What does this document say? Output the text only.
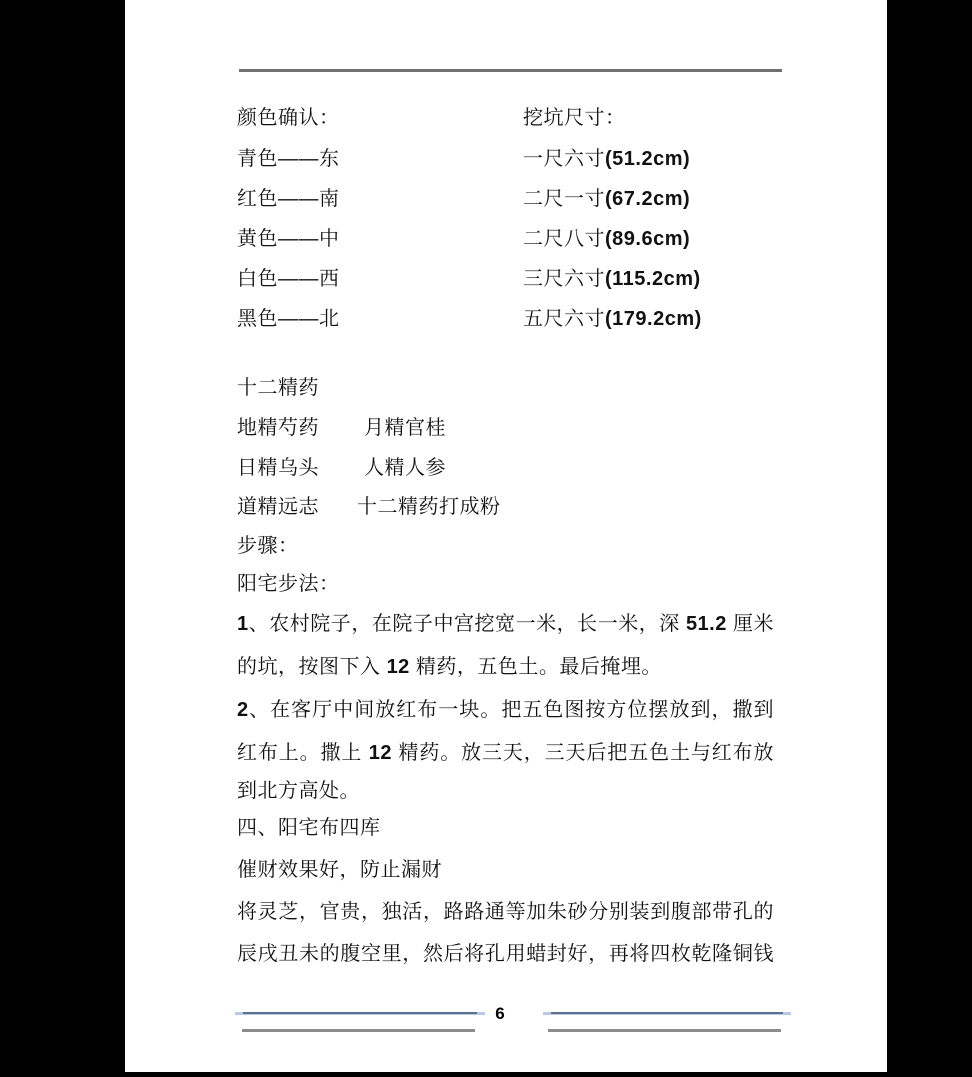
颜色确认：	挖坑尺寸：
青色——东	一尺六寸(51.2cm)
红色——南	二尺一寸(67.2cm)
黄色——中	二尺八寸(89.6cm)
白色——西	三尺六寸(115.2cm)
黑色——北	五尺六寸(179.2cm)
十二精药
地精芍药 月精官桂
日精乌头 人精人参
道精远志 十二精药打成粉
步骤：
阳宅步法：
1、农村院子，在院子中宫挖宽一米，长一米，深 51.2 厘米
的坑，按图下入 12 精药，五色土。最后掩埋。
2、在客厅中间放红布一块。把五色图按方位摆放到，撒到
红布上。撒上 12 精药。放三天，三天后把五色土与红布放
到北方高处。
四、阳宅布四库
催财效果好，防止漏财
将灵芝，官贵，独活，路路通等加朱砂分别装到腹部带孔的
辰戌丑未的腹空里，然后将孔用蜡封好，再将四枚乾隆铜钱
6
